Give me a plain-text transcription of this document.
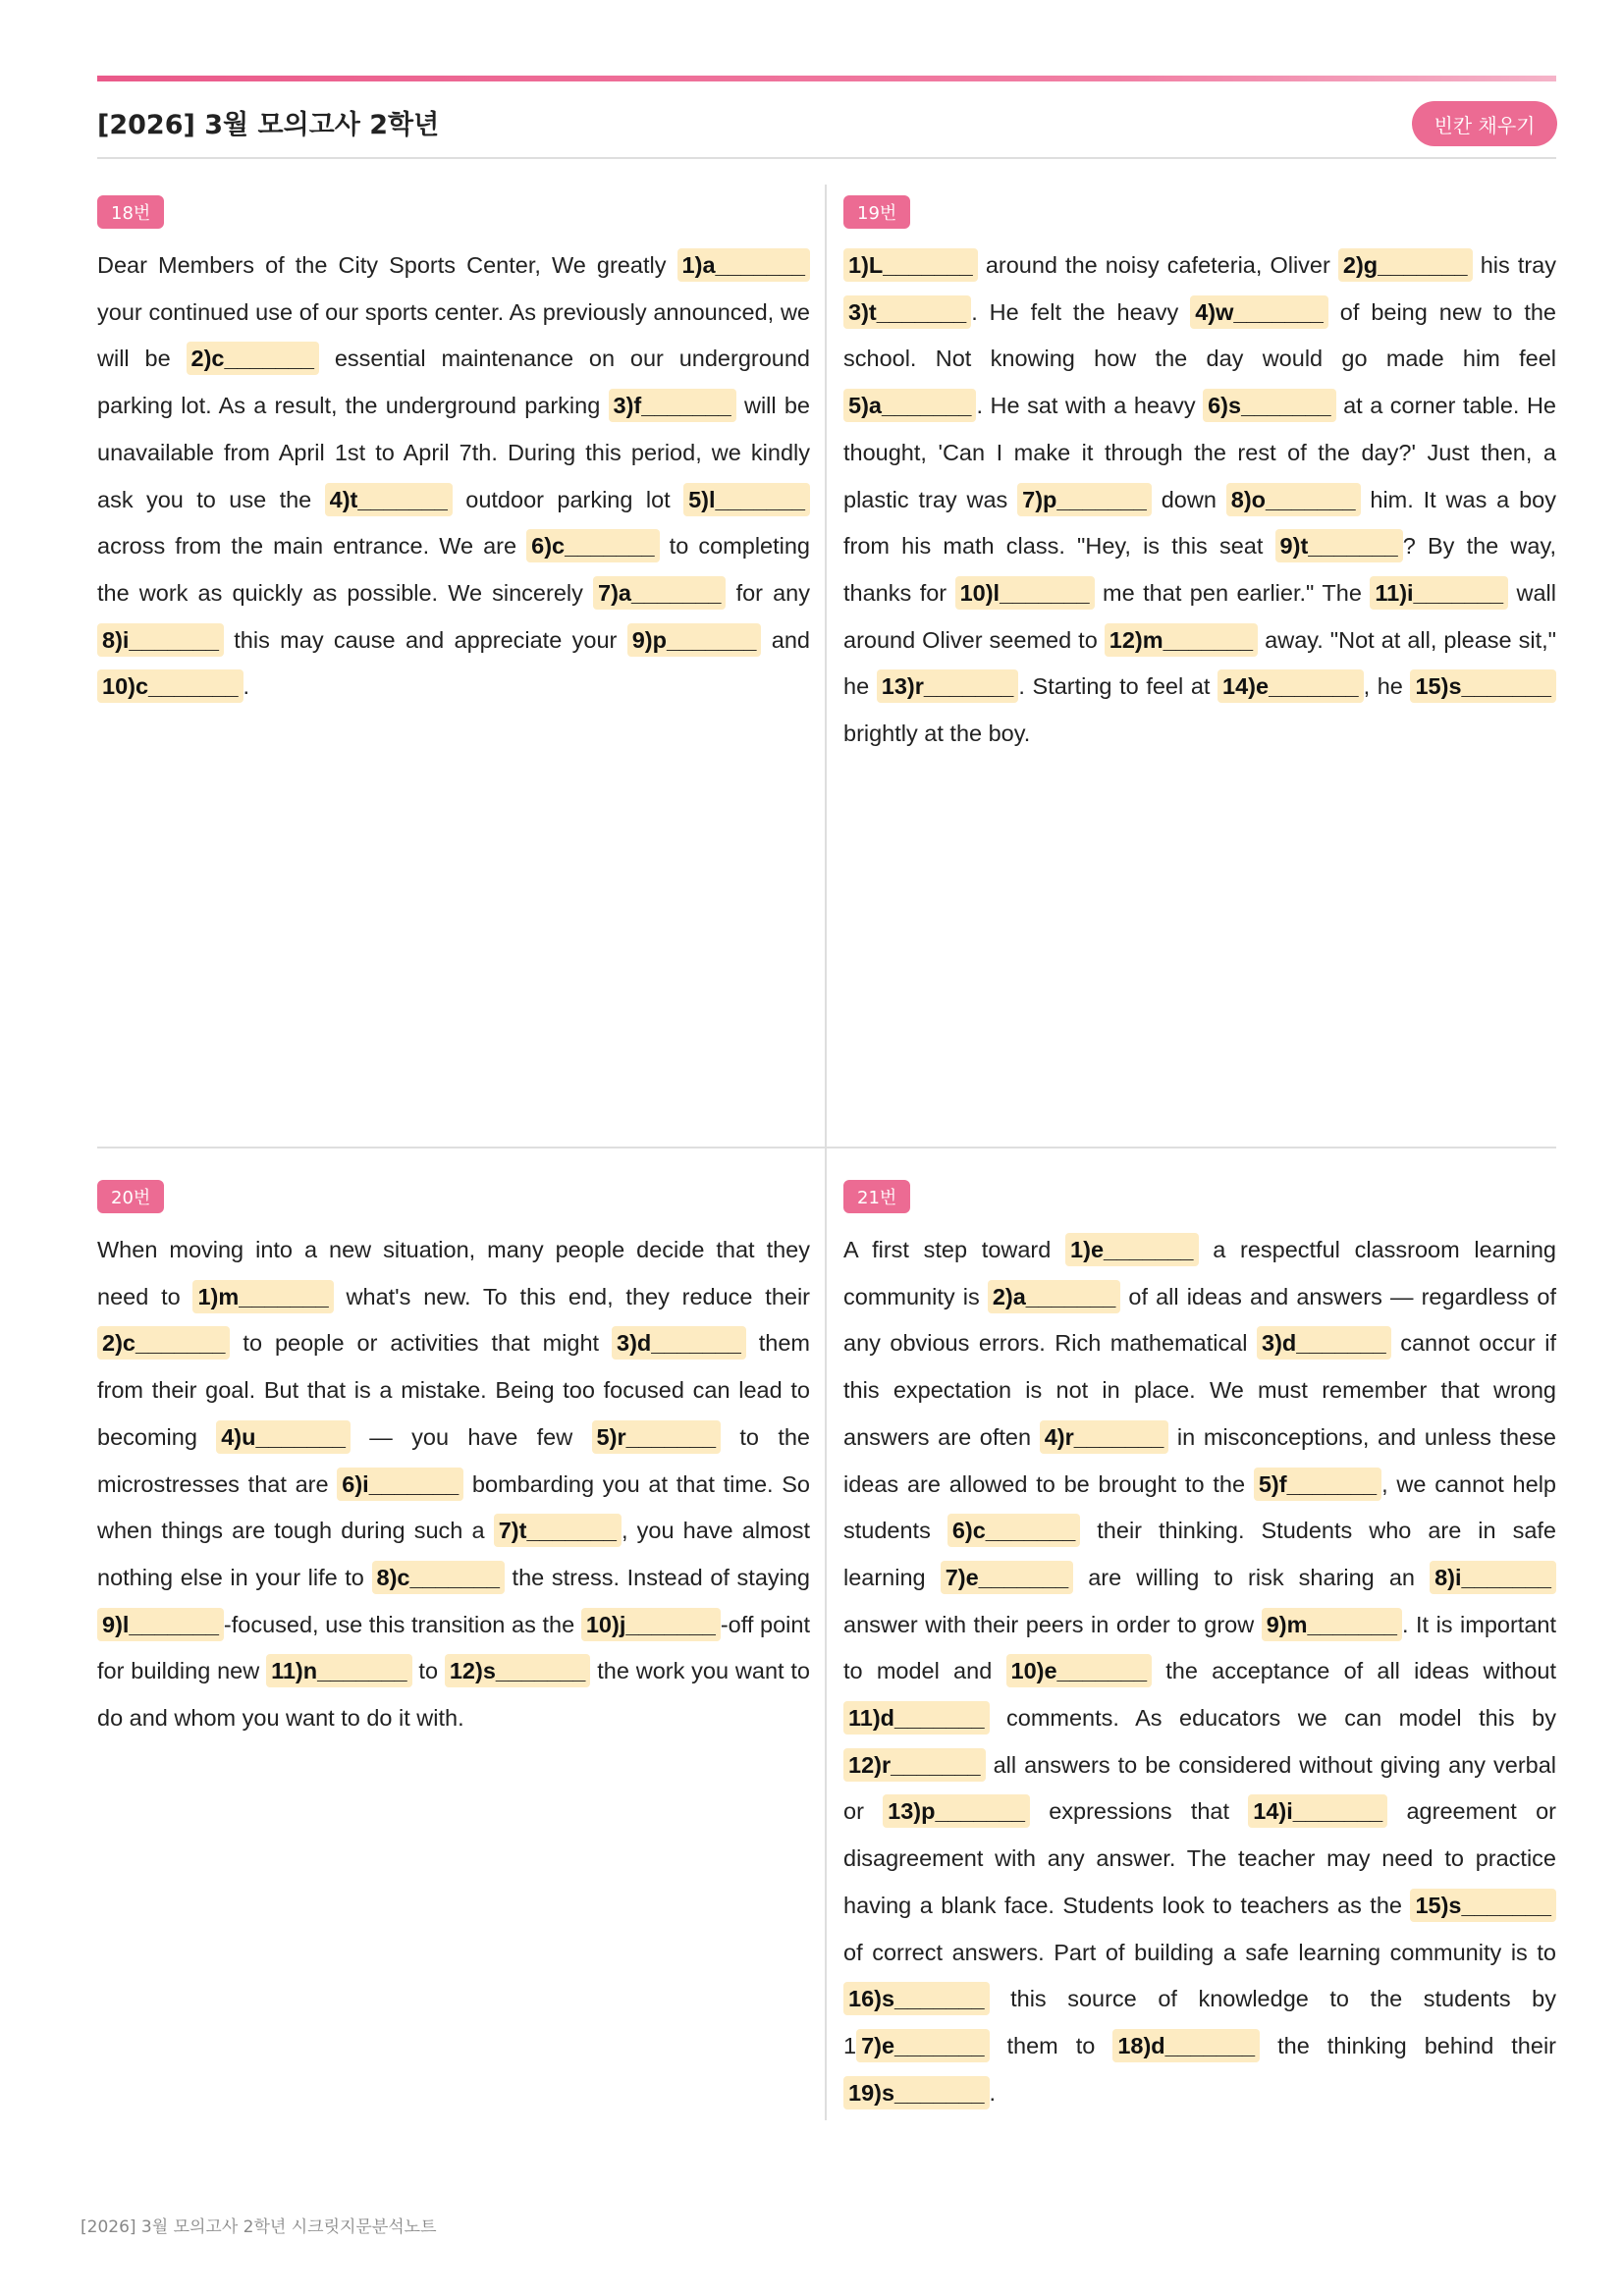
[2026] 3월 모의고사 2학년	빈칸 채우기
18번
Dear Members of the City Sports Center, We greatly 1)a_______ your continued use of our sports center. As previously announced, we will be 2)c_______ essential maintenance on our underground parking lot. As a result, the underground parking 3)f_______ will be unavailable from April 1st to April 7th. During this period, we kindly ask you to use the 4)t_______ outdoor parking lot 5)l_______ across from the main entrance. We are 6)c_______ to completing the work as quickly as possible. We sincerely 7)a_______ for any 8)i_______ this may cause and appreciate your 9)p_______ and 10)c_______ .
19번
1)L_______ around the noisy cafeteria, Oliver 2)g_______ his tray 3)t_______ . He felt the heavy 4)w_______ of being new to the school. Not knowing how the day would go made him feel 5)a_______ . He sat with a heavy 6)s_______ at a corner table. He thought, 'Can I make it through the rest of the day?' Just then, a plastic tray was 7)p_______ down 8)o_______ him. It was a boy from his math class. "Hey, is this seat 9)t_______ ? By the way, thanks for 10)l_______ me that pen earlier." The 11)i_______ wall around Oliver seemed to 12)m_______ away. "Not at all, please sit," he 13)r_______ . Starting to feel at 14)e_______ , he 15)s_______ brightly at the boy.
20번
When moving into a new situation, many people decide that they need to 1)m_______ what's new. To this end, they reduce their 2)c_______ to people or activities that might 3)d_______ them from their goal. But that is a mistake. Being too focused can lead to becoming 4)u_______ — you have few 5)r_______ to the microstresses that are 6)i_______ bombarding you at that time. So when things are tough during such a 7)t_______ , you have almost nothing else in your life to 8)c_______ the stress. Instead of staying 9)l_______ -focused, use this transition as the 10)j_______ -off point for building new 11)n_______ to 12)s_______ the work you want to do and whom you want to do it with.
21번
A first step toward 1)e_______ a respectful classroom learning community is 2)a_______ of all ideas and answers — regardless of any obvious errors. Rich mathematical 3)d_______ cannot occur if this expectation is not in place. We must remember that wrong answers are often 4)r_______ in misconceptions, and unless these ideas are allowed to be brought to the 5)f_______ , we cannot help students 6)c_______ their thinking. Students who are in safe learning 7)e_______ are willing to risk sharing an 8)i_______ answer with their peers in order to grow 9)m_______ . It is important to model and 10)e_______ the acceptance of all ideas without 11)d_______ comments. As educators we can model this by 12)r_______ all answers to be considered without giving any verbal or 13)p_______ expressions that 14)i_______ agreement or disagreement with any answer. The teacher may need to practice having a blank face. Students look to teachers as the 15)s_______ of correct answers. Part of building a safe learning community is to 16)s_______ this source of knowledge to the students by 1 7)e_______ them to 18)d_______ the thinking behind their 19)s_______ .
[2026] 3월 모의고사 2학년 시크릿지문분석노트
